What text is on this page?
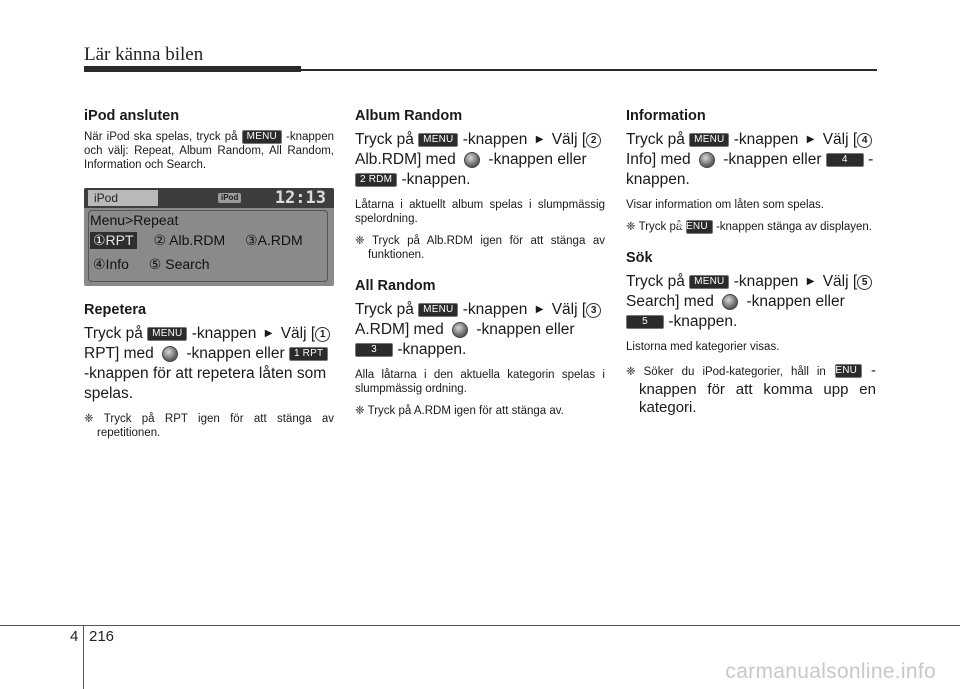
Lär känna bilen
iPod ansluten

När iPod ska spelas, tryck på MENU -knappen och välj: Repeat, Album Random, All Random, Information och Search.

iPod	iPod 12:13
Menu>Repeat
①RPT ② Alb.RDM ③A.RDM
④Info ⑤ Search
Repetera

Tryck på MENU -knappen ▶ Välj [ 1 RPT] med -knappen eller 1 RPT -knappen för att repetera låten som spelas.

❈ Tryck på RPT igen för att stänga av repetitionen.

Album Random

Tryck på MENU -knappen ▶ Välj [ 2 Alb.RDM] med -knappen eller 2 RDM -knappen.

Låtarna i aktuellt album spelas i slumpmässig spelordning.

❈ Tryck på Alb.RDM igen för att stänga av funktionen.

All Random

Tryck på MENU -knappen ▶ Välj [ 3 A.RDM] med -knappen eller 3 -knappen.

Alla låtarna i den aktuella kategorin spelas i slumpmässig ordning.

❈ Tryck på A.RDM igen för att stänga av.

Information

Tryck på MENU -knappen ▶ Välj [ 4 Info] med -knappen eller 4 -knappen.

Visar information om låten som spelas.

❈ Tryck på MENU -knappen stänga av displayen.

Sök

Tryck på MENU -knappen ▶ Välj [ 5 Search] med -knappen eller 5 -knappen.

Listorna med kategorier visas.

❈ Söker du iPod-kategorier, håll in MENU -knappen för att komma upp en kategori.

4 216
carmanualsonline.info
